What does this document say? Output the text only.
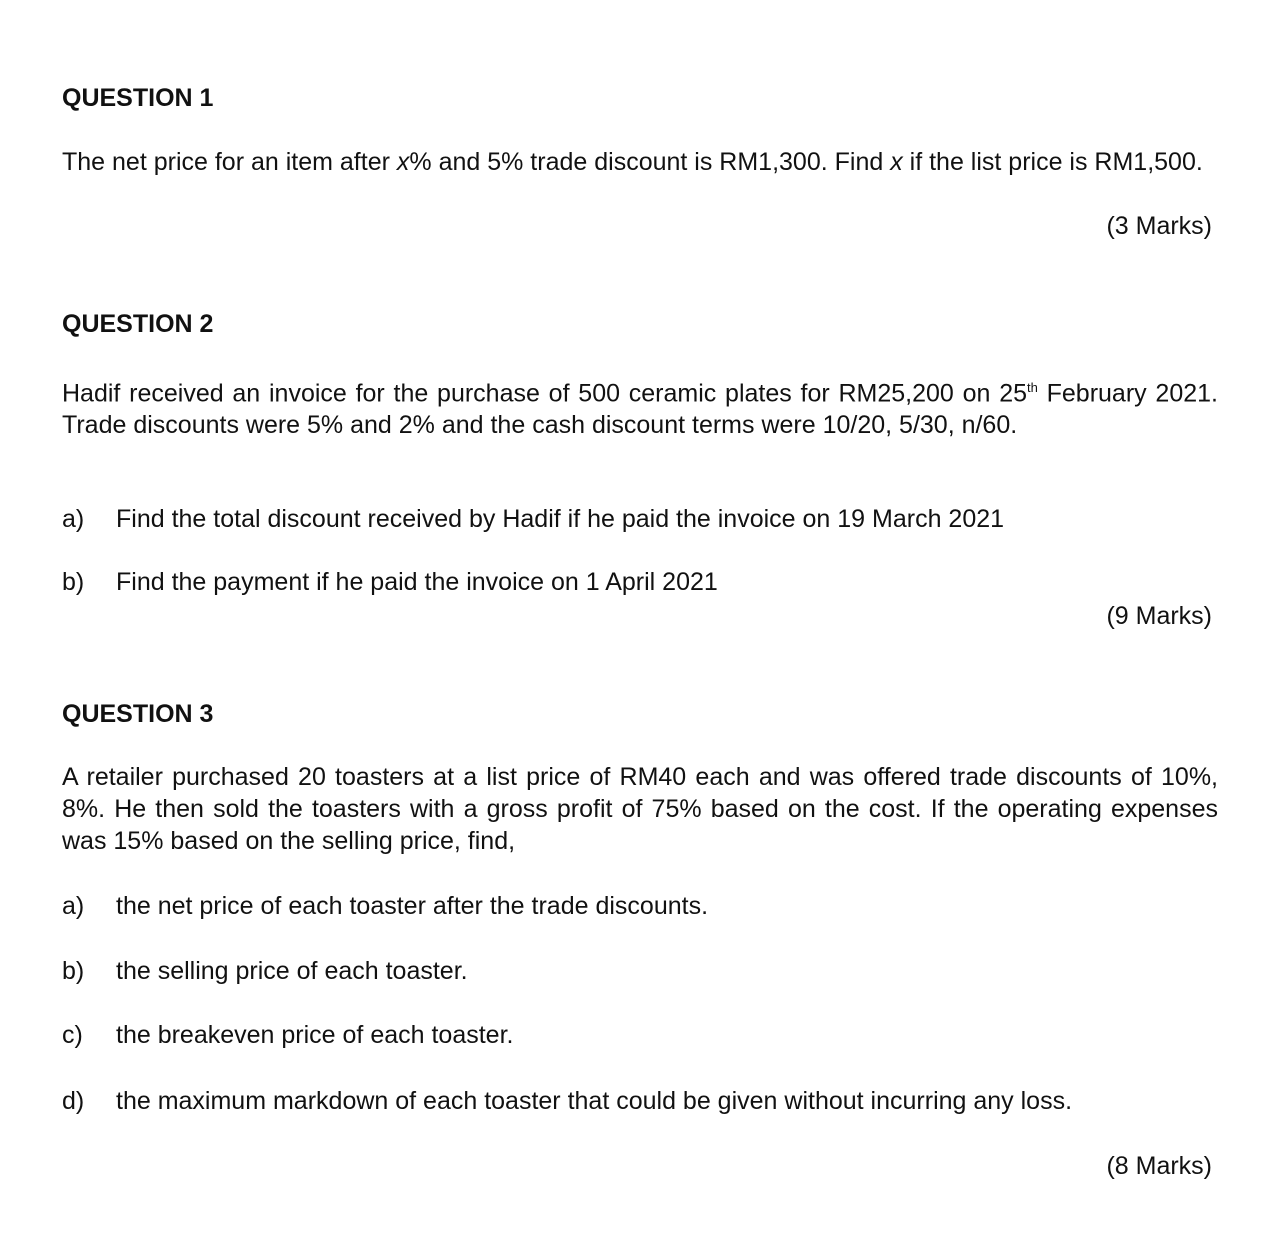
QUESTION 1
The net price for an item after x% and 5% trade discount is RM1,300. Find x if the list price is RM1,500.
(3 Marks)
QUESTION 2
Hadif received an invoice for the purchase of 500 ceramic plates for RM25,200 on 25th February 2021. Trade discounts were 5% and 2% and the cash discount terms were 10/20, 5/30, n/60.
a) Find the total discount received by Hadif if he paid the invoice on 19 March 2021
b) Find the payment if he paid the invoice on 1 April 2021
(9 Marks)
QUESTION 3
A retailer purchased 20 toasters at a list price of RM40 each and was offered trade discounts of 10%, 8%. He then sold the toasters with a gross profit of 75% based on the cost. If the operating expenses was 15% based on the selling price, find,
a) the net price of each toaster after the trade discounts.
b) the selling price of each toaster.
c) the breakeven price of each toaster.
d) the maximum markdown of each toaster that could be given without incurring any loss.
(8 Marks)
